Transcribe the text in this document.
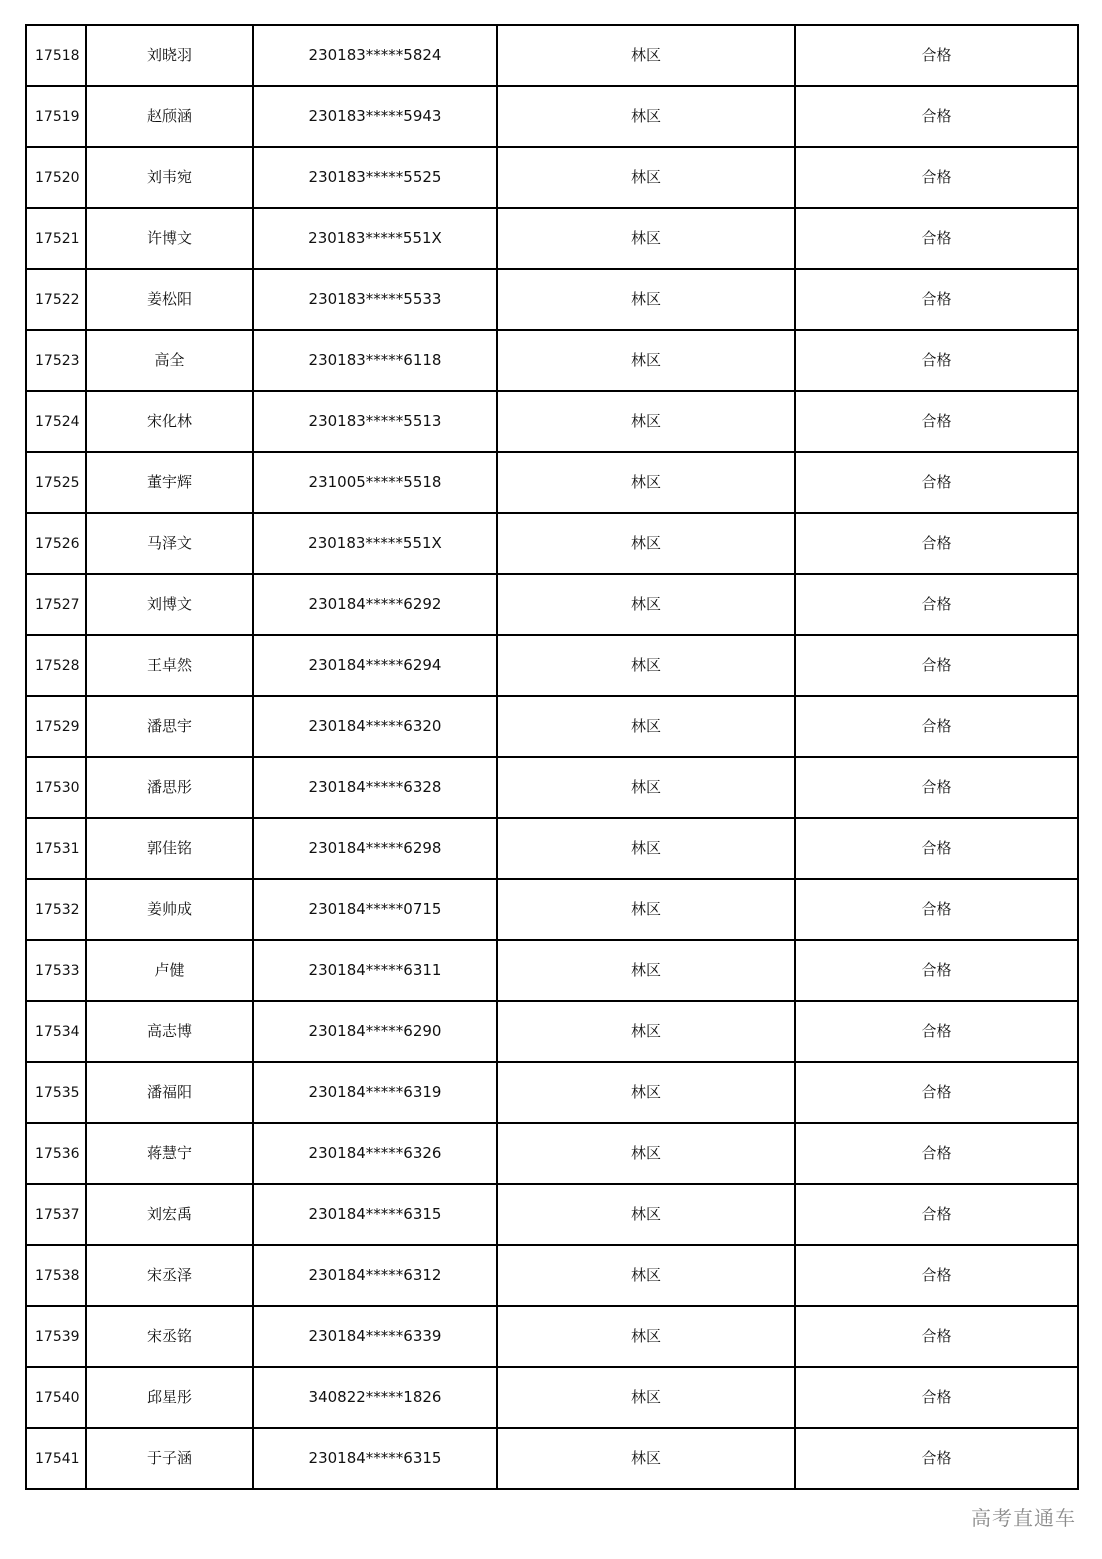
17518	刘晓羽	230183*****5824	林区	合格
17519	赵颀涵	230183*****5943	林区	合格
17520	刘韦宛	230183*****5525	林区	合格
17521	许博文	230183*****551X	林区	合格
17522	姜松阳	230183*****5533	林区	合格
17523	高全	230183*****6118	林区	合格
17524	宋化林	230183*****5513	林区	合格
17525	董宇辉	231005*****5518	林区	合格
17526	马泽文	230183*****551X	林区	合格
17527	刘博文	230184*****6292	林区	合格
17528	王卓然	230184*****6294	林区	合格
17529	潘思宇	230184*****6320	林区	合格
17530	潘思彤	230184*****6328	林区	合格
17531	郭佳铭	230184*****6298	林区	合格
17532	姜帅成	230184*****0715	林区	合格
17533	卢健	230184*****6311	林区	合格
17534	高志博	230184*****6290	林区	合格
17535	潘福阳	230184*****6319	林区	合格
17536	蒋慧宁	230184*****6326	林区	合格
17537	刘宏禹	230184*****6315	林区	合格
17538	宋丞泽	230184*****6312	林区	合格
17539	宋丞铭	230184*****6339	林区	合格
17540	邱星彤	340822*****1826	林区	合格
17541	于子涵	230184*****6315	林区	合格
高考直通车
